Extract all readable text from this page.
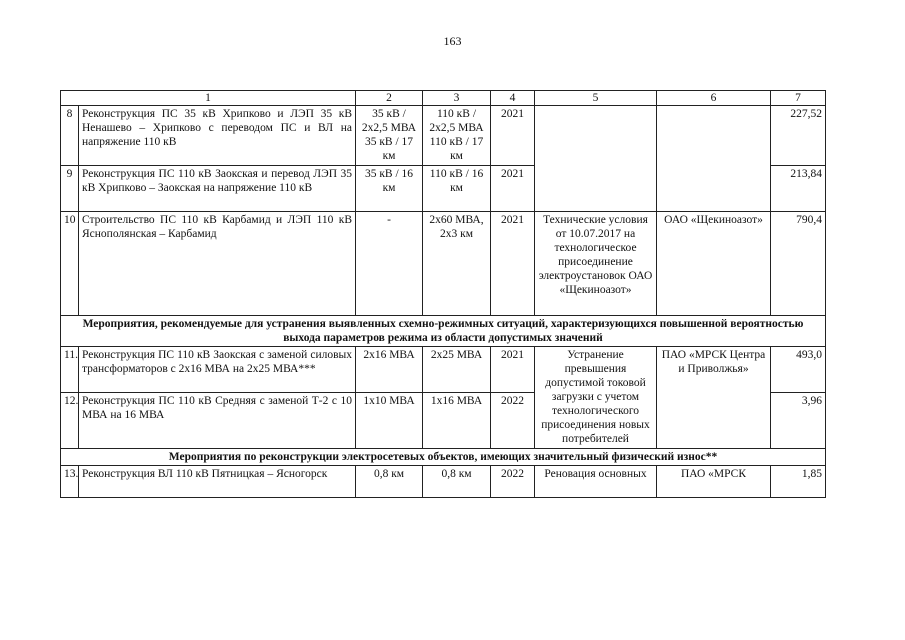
163
1		2	3	4	5	6	7
8	Реконструкция ПС 35 кВ Хрипково и ЛЭП 35 кВ Ненашево – Хрипково с переводом ПС и ВЛ на напряжение 110 кВ	35 кВ / 2х2,5 МВА 35 кВ / 17 км	110 кВ / 2х2,5 МВА 110 кВ / 17 км	2021			227,52
9	Реконструкция ПС 110 кВ Заокская и перевод ЛЭП 35 кВ Хрипково – Заокская на напряжение 110 кВ	35 кВ / 16 км	110 кВ / 16 км	2021			213,84
10	Строительство ПС 110 кВ Карбамид и ЛЭП 110 кВ Яснополянская – Карбамид	-	2х60 МВА, 2х3 км	2021	Технические условия от 10.07.2017 на технологическое присоединение электроустановок ОАО «Щекиноазот»	ОАО «Щекиноазот»	790,4
Мероприятия, рекомендуемые для устранения выявленных схемно-режимных ситуаций, характеризующихся повышенной вероятностью выхода параметров режима из области допустимых значений							
11.	Реконструкция ПС 110 кВ Заокская с заменой силовых трансформаторов с 2х16 МВА на 2х25 МВА***	2х16 МВА	2х25 МВА	2021	Устранение превышения допустимой токовой загрузки с учетом технологического присоединения новых потребителей	ПАО «МРСК Центра и Приволжья»	493,0
12.	Реконструкция ПС 110 кВ Средняя с заменой Т-2 с 10 МВА на 16 МВА	1х10 МВА	1х16 МВА	2022			3,96
Мероприятия по реконструкции электросетевых объектов, имеющих значительный физический износ**							
13.	Реконструкция ВЛ 110 кВ Пятницкая – Ясногорск	0,8 км	0,8 км	2022	Реновация основных	ПАО «МРСК	1,85
